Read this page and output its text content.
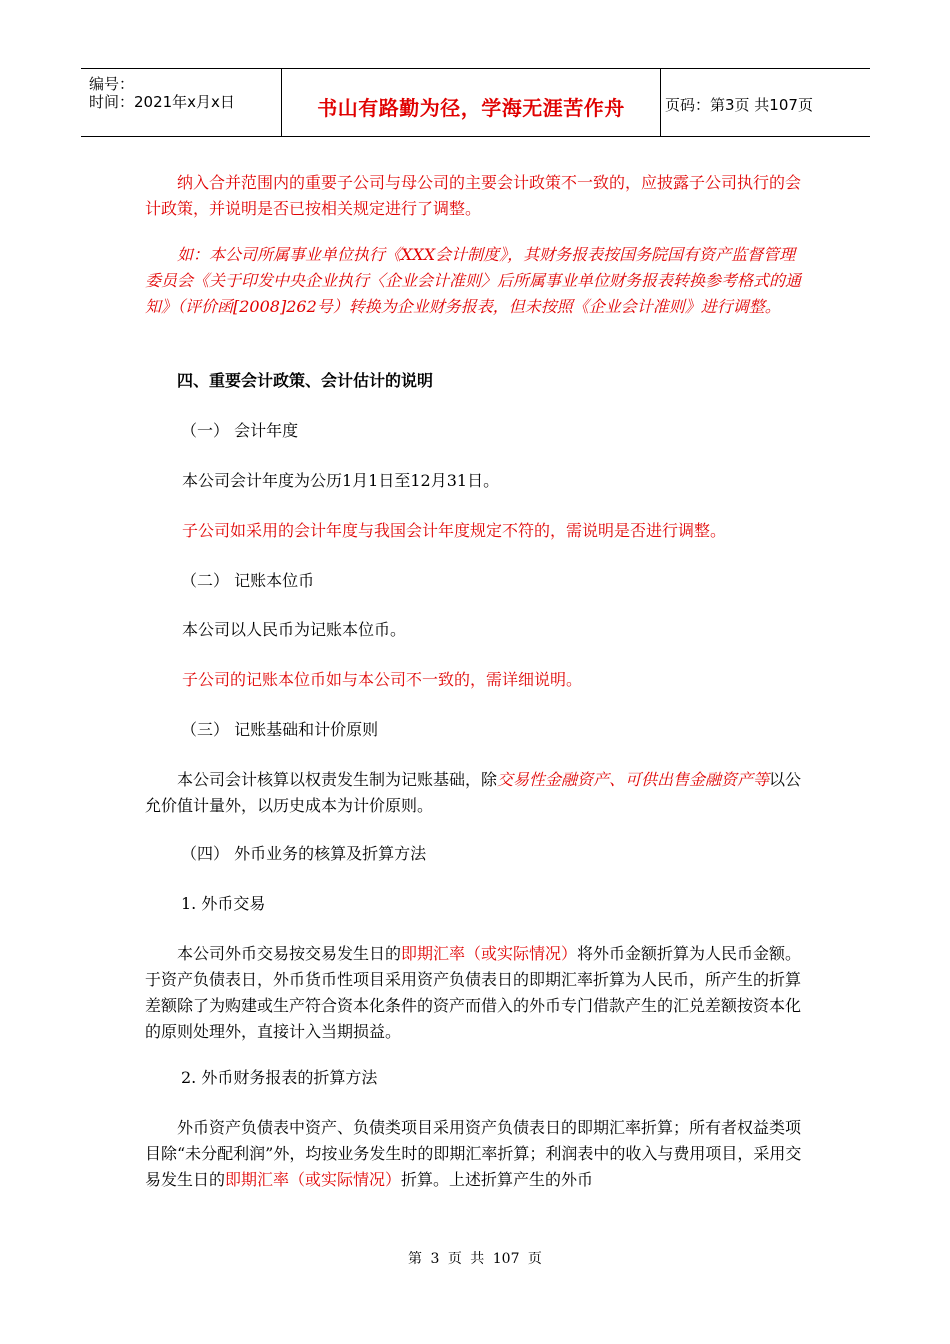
编号：
时间：2021年x月x日	书山有路勤为径，学海无涯苦作舟	页码：第3页 共107页

纳入合并范围内的重要子公司与母公司的主要会计政策不一致的，应披露子公司执行的会计政策，并说明是否已按相关规定进行了调整。

如：本公司所属事业单位执行《XXX会计制度》，其财务报表按国务院国有资产监督管理委员会《关于印发中央企业执行〈企业会计准则〉后所属事业单位财务报表转换参考格式的通知》（评价函[2008]262号）转换为企业财务报表，但未按照《企业会计准则》进行调整。

四、重要会计政策、会计估计的说明

（一） 会计年度

本公司会计年度为公历1月1日至12月31日。

子公司如采用的会计年度与我国会计年度规定不符的，需说明是否进行调整。

（二） 记账本位币

本公司以人民币为记账本位币。

子公司的记账本位币如与本公司不一致的，需详细说明。

（三） 记账基础和计价原则

本公司会计核算以权责发生制为记账基础，除交易性金融资产、可供出售金融资产等以公允价值计量外，以历史成本为计价原则。

（四） 外币业务的核算及折算方法

1. 外币交易

本公司外币交易按交易发生日的即期汇率（或实际情况）将外币金额折算为人民币金额。于资产负债表日，外币货币性项目采用资产负债表日的即期汇率折算为人民币，所产生的折算差额除了为购建或生产符合资本化条件的资产而借入的外币专门借款产生的汇兑差额按资本化的原则处理外，直接计入当期损益。

2. 外币财务报表的折算方法

外币资产负债表中资产、负债类项目采用资产负债表日的即期汇率折算；所有者权益类项目除“未分配利润”外，均按业务发生时的即期汇率折算；利润表中的收入与费用项目，采用交易发生日的即期汇率（或实际情况）折算。上述折算产生的外币

第 3 页 共 107 页
